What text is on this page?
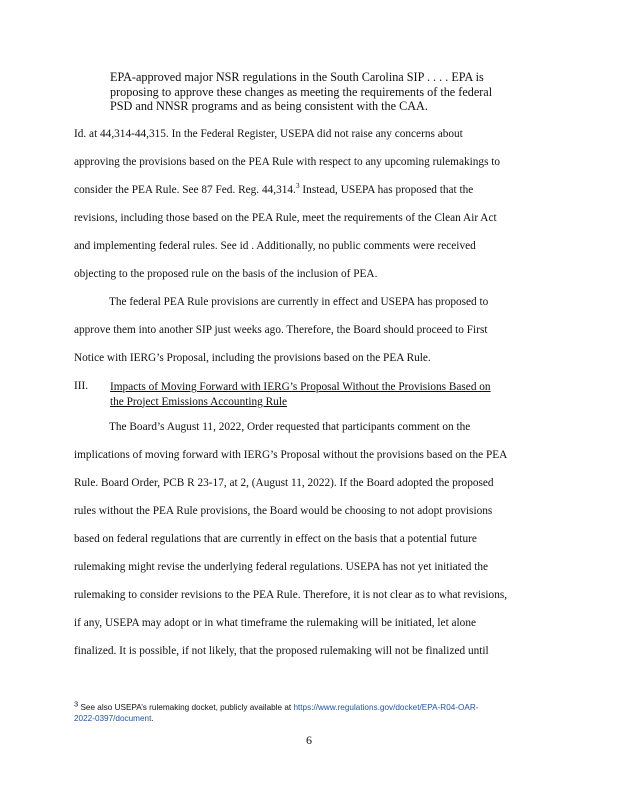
EPA-approved major NSR regulations in the South Carolina SIP . . . . EPA is
proposing to approve these changes as meeting the requirements of the federal
PSD and NNSR programs and as being consistent with the CAA.
Id. at 44,314-44,315. In the Federal Register, USEPA did not raise any concerns about
approving the provisions based on the PEA Rule with respect to any upcoming rulemakings to
consider the PEA Rule. See 87 Fed. Reg. 44,314.$^3$ Instead, USEPA has proposed that the
revisions, including those based on the PEA Rule, meet the requirements of the Clean Air Act
and implementing federal rules. See id . Additionally, no public comments were received
objecting to the proposed rule on the basis of the inclusion of PEA.
The federal PEA Rule provisions are currently in effect and USEPA has proposed to
approve them into another SIP just weeks ago. Therefore, the Board should proceed to First
Notice with IERG’s Proposal, including the provisions based on the PEA Rule.
III. Impacts of Moving Forward with IERG’s Proposal Without the Provisions Based on
the Project Emissions Accounting Rule
The Board’s August 11, 2022, Order requested that participants comment on the
implications of moving forward with IERG’s Proposal without the provisions based on the PEA
Rule. Board Order, PCB R 23-17, at 2, (August 11, 2022). If the Board adopted the proposed
rules without the PEA Rule provisions, the Board would be choosing to not adopt provisions
based on federal regulations that are currently in effect on the basis that a potential future
rulemaking might revise the underlying federal regulations. USEPA has not yet initiated the
rulemaking to consider revisions to the PEA Rule. Therefore, it is not clear as to what revisions,
if any, USEPA may adopt or in what timeframe the rulemaking will be initiated, let alone
finalized. It is possible, if not likely, that the proposed rulemaking will not be finalized until
$^3$ See also USEPA’s rulemaking docket, publicly available at https://www.regulations.gov/docket/EPA-R04-OAR-
2022-0397/document.
6
